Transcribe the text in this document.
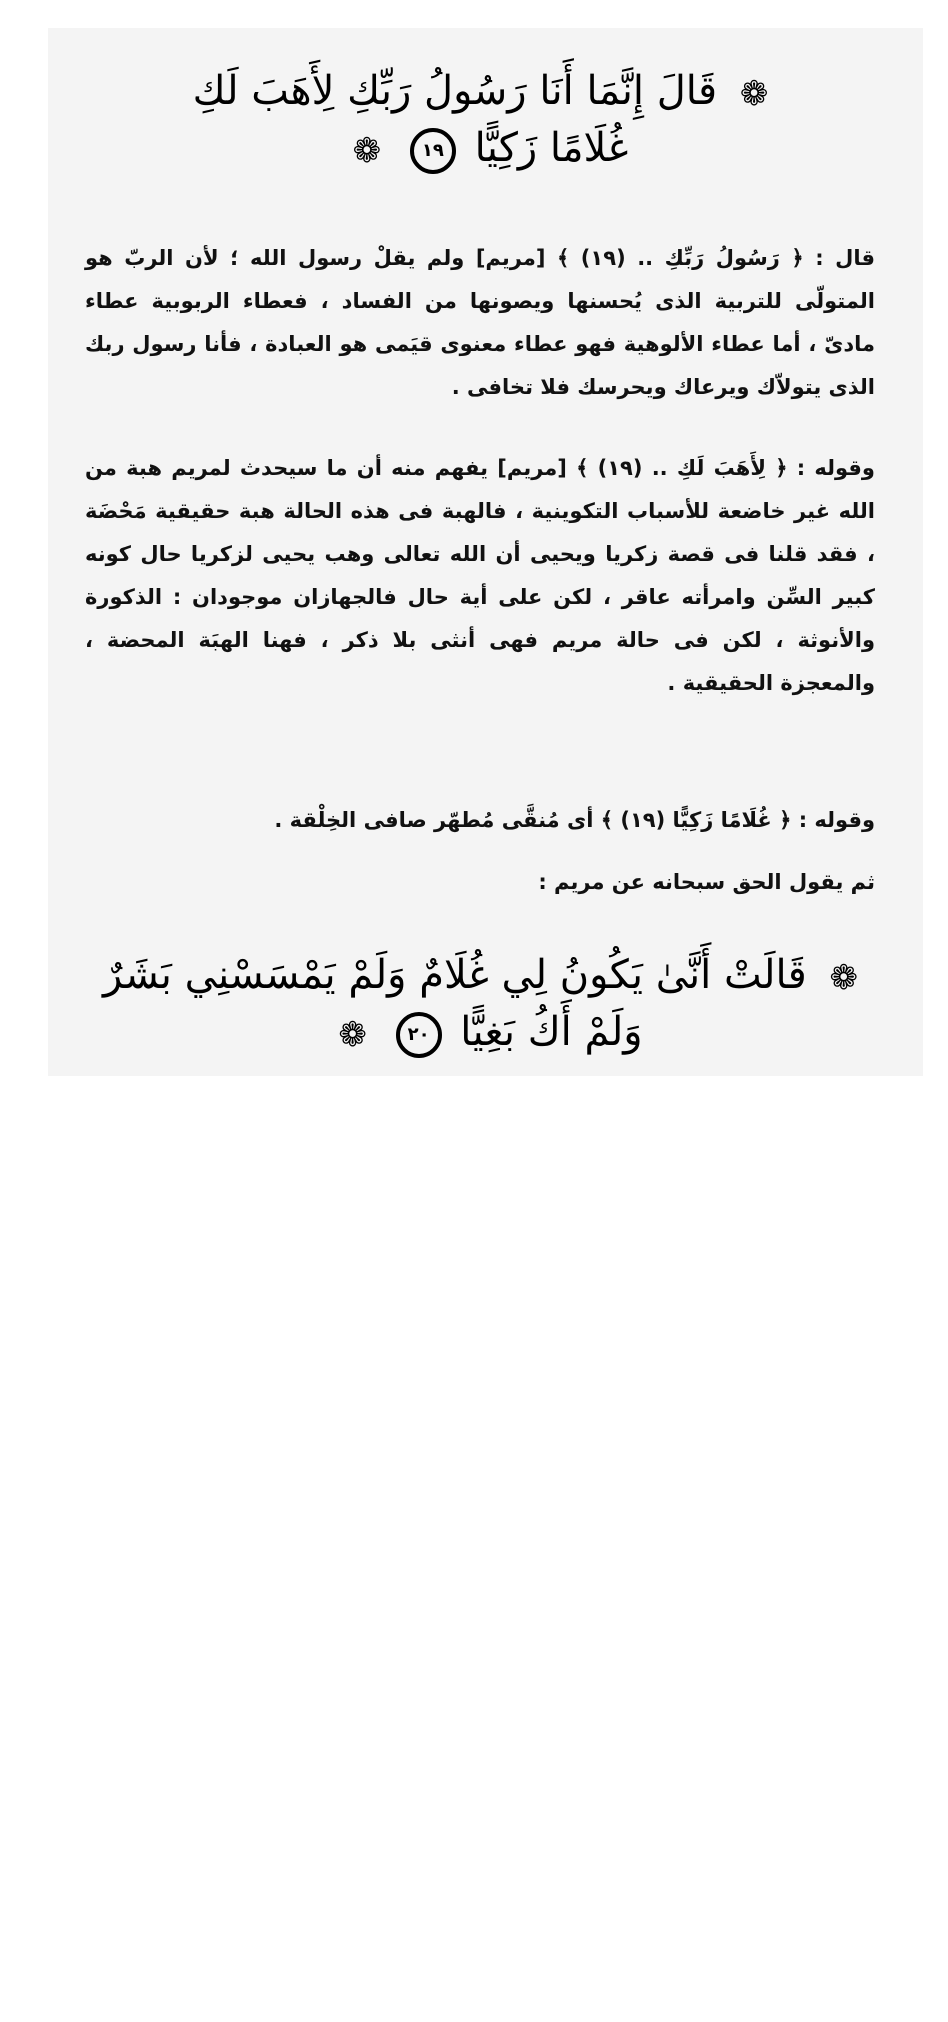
❁ قَالَ إِنَّمَا أَنَا رَسُولُ رَبِّكِ لِأَهَبَ لَكِ
غُلَامًا زَكِيًّا ١٩ ❁

قال : ﴿ رَسُولُ رَبِّكِ .. (١٩) ﴾ [مريم] ولم يقلْ رسول الله ؛ لأن الربّ هو المتولّى للتربية الذى يُحسنها ويصونها من الفساد ، فعطاء الربوبية عطاء مادىّ ، أما عطاء الألوهية فهو عطاء معنوى قيَمى هو العبادة ، فأنا رسول ربك الذى يتولاّك ويرعاك ويحرسك فلا تخافى .

وقوله : ﴿ لِأَهَبَ لَكِ .. (١٩) ﴾ [مريم] يفهم منه أن ما سيحدث لمريم هبة من الله غير خاضعة للأسباب التكوينية ، فالهبة فى هذه الحالة هبة حقيقية مَحْضَة ، فقد قلنا فى قصة زكريا ويحيى أن الله تعالى وهب يحيى لزكريا حال كونه كبير السِّن وامرأته عاقر ، لكن على أية حال فالجهازان موجودان : الذكورة والأنوثة ، لكن فى حالة مريم فهى أنثى بلا ذكر ، فهنا الهبَة المحضة ، والمعجزة الحقيقية .

وقوله : ﴿ غُلَامًا زَكِيًّا (١٩) ﴾ أى مُنقَّى مُطهّر صافى الخِلْقة .

ثم يقول الحق سبحانه عن مريم :

❁ قَالَتْ أَنَّىٰ يَكُونُ لِي غُلَامٌ وَلَمْ يَمْسَسْنِي بَشَرٌ
وَلَمْ أَكُ بَغِيًّا ٢٠ ❁
